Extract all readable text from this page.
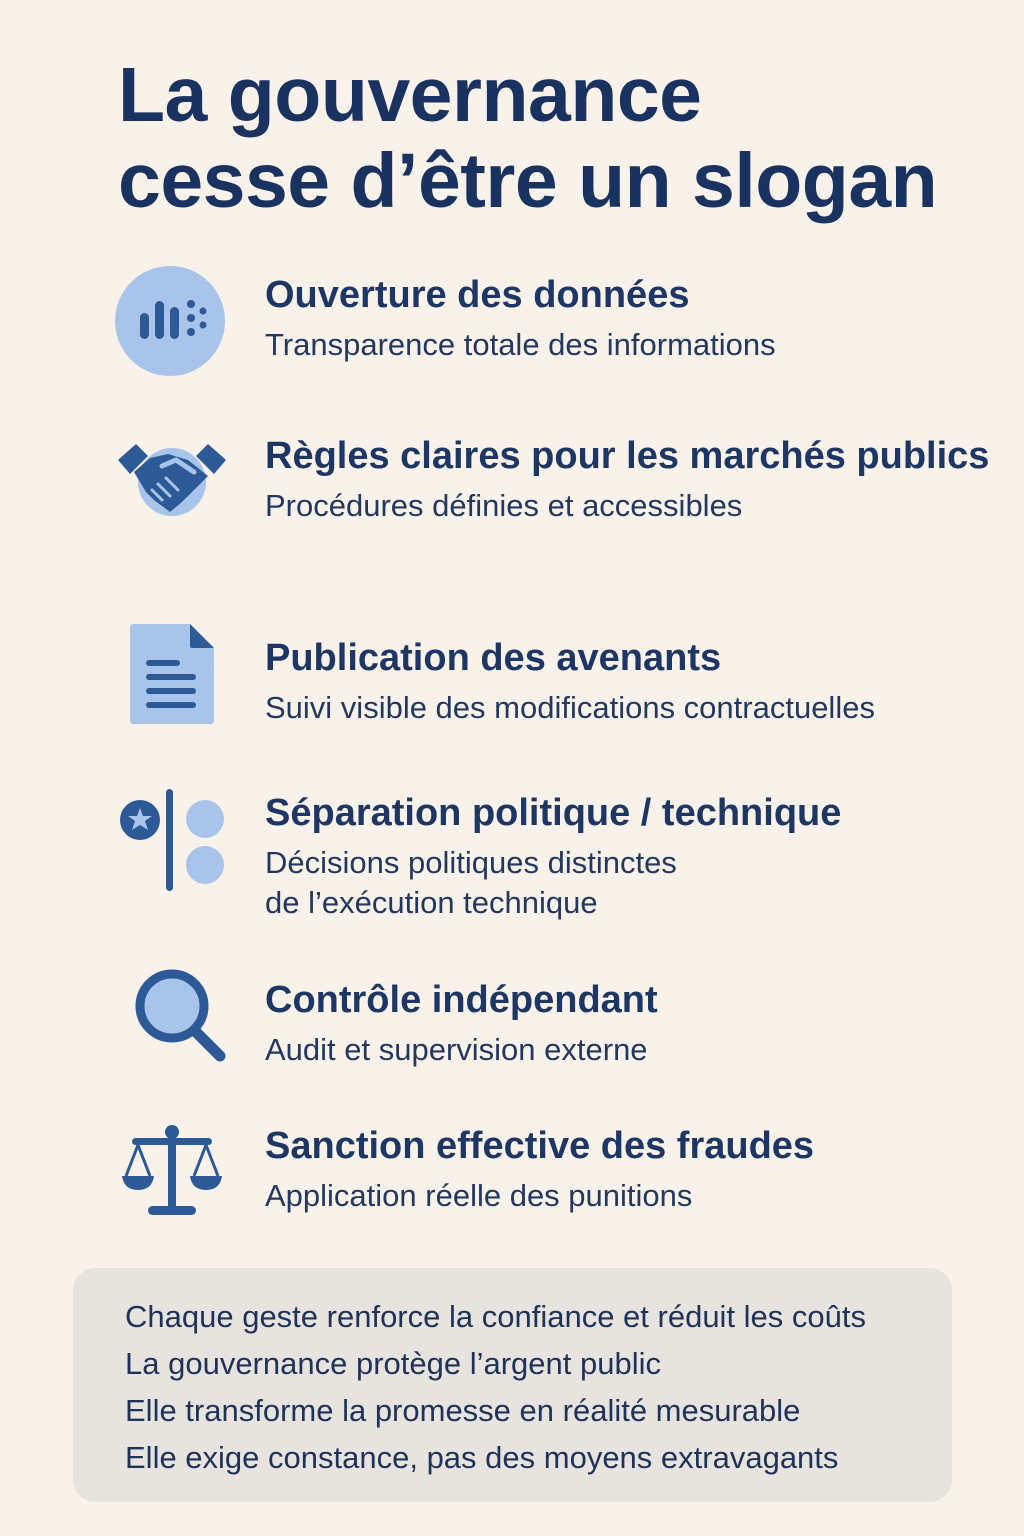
La gouvernance
cesse d’être un slogan
Ouverture des données
Transparence totale des informations
Règles claires pour les marchés publics
Procédures définies et accessibles
Publication des avenants
Suivi visible des modifications contractuelles
Séparation politique / technique
Décisions politiques distinctes
de l’exécution technique
Contrôle indépendant
Audit et supervision externe
Sanction effective des fraudes
Application réelle des punitions
Chaque geste renforce la confiance et réduit les coûts
La gouvernance protège l’argent public
Elle transforme la promesse en réalité mesurable
Elle exige constance, pas des moyens extravagants
